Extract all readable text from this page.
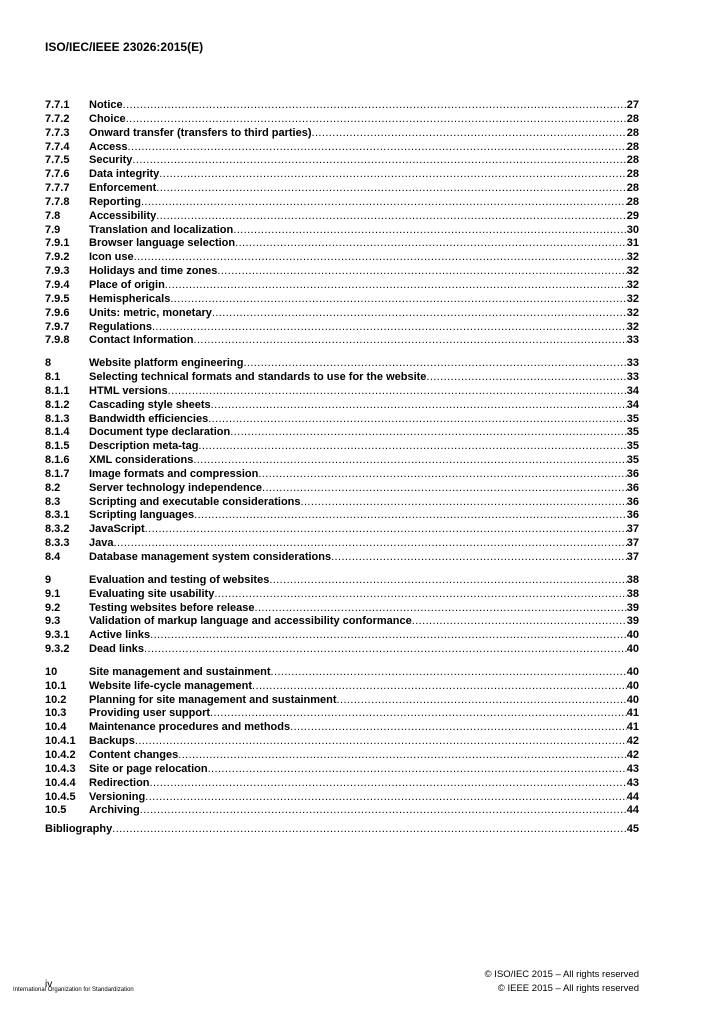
ISO/IEC/IEEE 23026:2015(E)
7.7.1	Notice .....	27
7.7.2	Choice .....	28
7.7.3	Onward transfer (transfers to third parties) .....	28
7.7.4	Access .....	28
7.7.5	Security .....	28
7.7.6	Data integrity .....	28
7.7.7	Enforcement .....	28
7.7.8	Reporting .....	28
7.8	Accessibility .....	29
7.9	Translation and localization .....	30
7.9.1	Browser language selection .....	31
7.9.2	Icon use .....	32
7.9.3	Holidays and time zones .....	32
7.9.4	Place of origin .....	32
7.9.5	Hemisphericals .....	32
7.9.6	Units: metric, monetary .....	32
7.9.7	Regulations .....	32
7.9.8	Contact Information .....	33
8	Website platform engineering .....	33
8.1	Selecting technical formats and standards to use for the website .....	33
8.1.1	HTML versions .....	34
8.1.2	Cascading style sheets .....	34
8.1.3	Bandwidth efficiencies .....	35
8.1.4	Document type declaration .....	35
8.1.5	Description meta-tag .....	35
8.1.6	XML considerations .....	35
8.1.7	Image formats and compression .....	36
8.2	Server technology independence .....	36
8.3	Scripting and executable considerations .....	36
8.3.1	Scripting languages .....	36
8.3.2	JavaScript .....	37
8.3.3	Java .....	37
8.4	Database management system considerations .....	37
9	Evaluation and testing of websites .....	38
9.1	Evaluating site usability .....	38
9.2	Testing websites before release .....	39
9.3	Validation of markup language and accessibility conformance .....	39
9.3.1	Active links .....	40
9.3.2	Dead links .....	40
10	Site management and sustainment .....	40
10.1	Website life-cycle management .....	40
10.2	Planning for site management and sustainment .....	40
10.3	Providing user support .....	41
10.4	Maintenance procedures and methods .....	41
10.4.1	Backups .....	42
10.4.2	Content changes .....	42
10.4.3	Site or page relocation .....	43
10.4.4	Redirection .....	43
10.4.5	Versioning .....	44
10.5	Archiving .....	44
Bibliography .....	45
iv
International Organization for Standardization
© ISO/IEC 2015 – All rights reserved
© IEEE 2015 – All rights reserved
